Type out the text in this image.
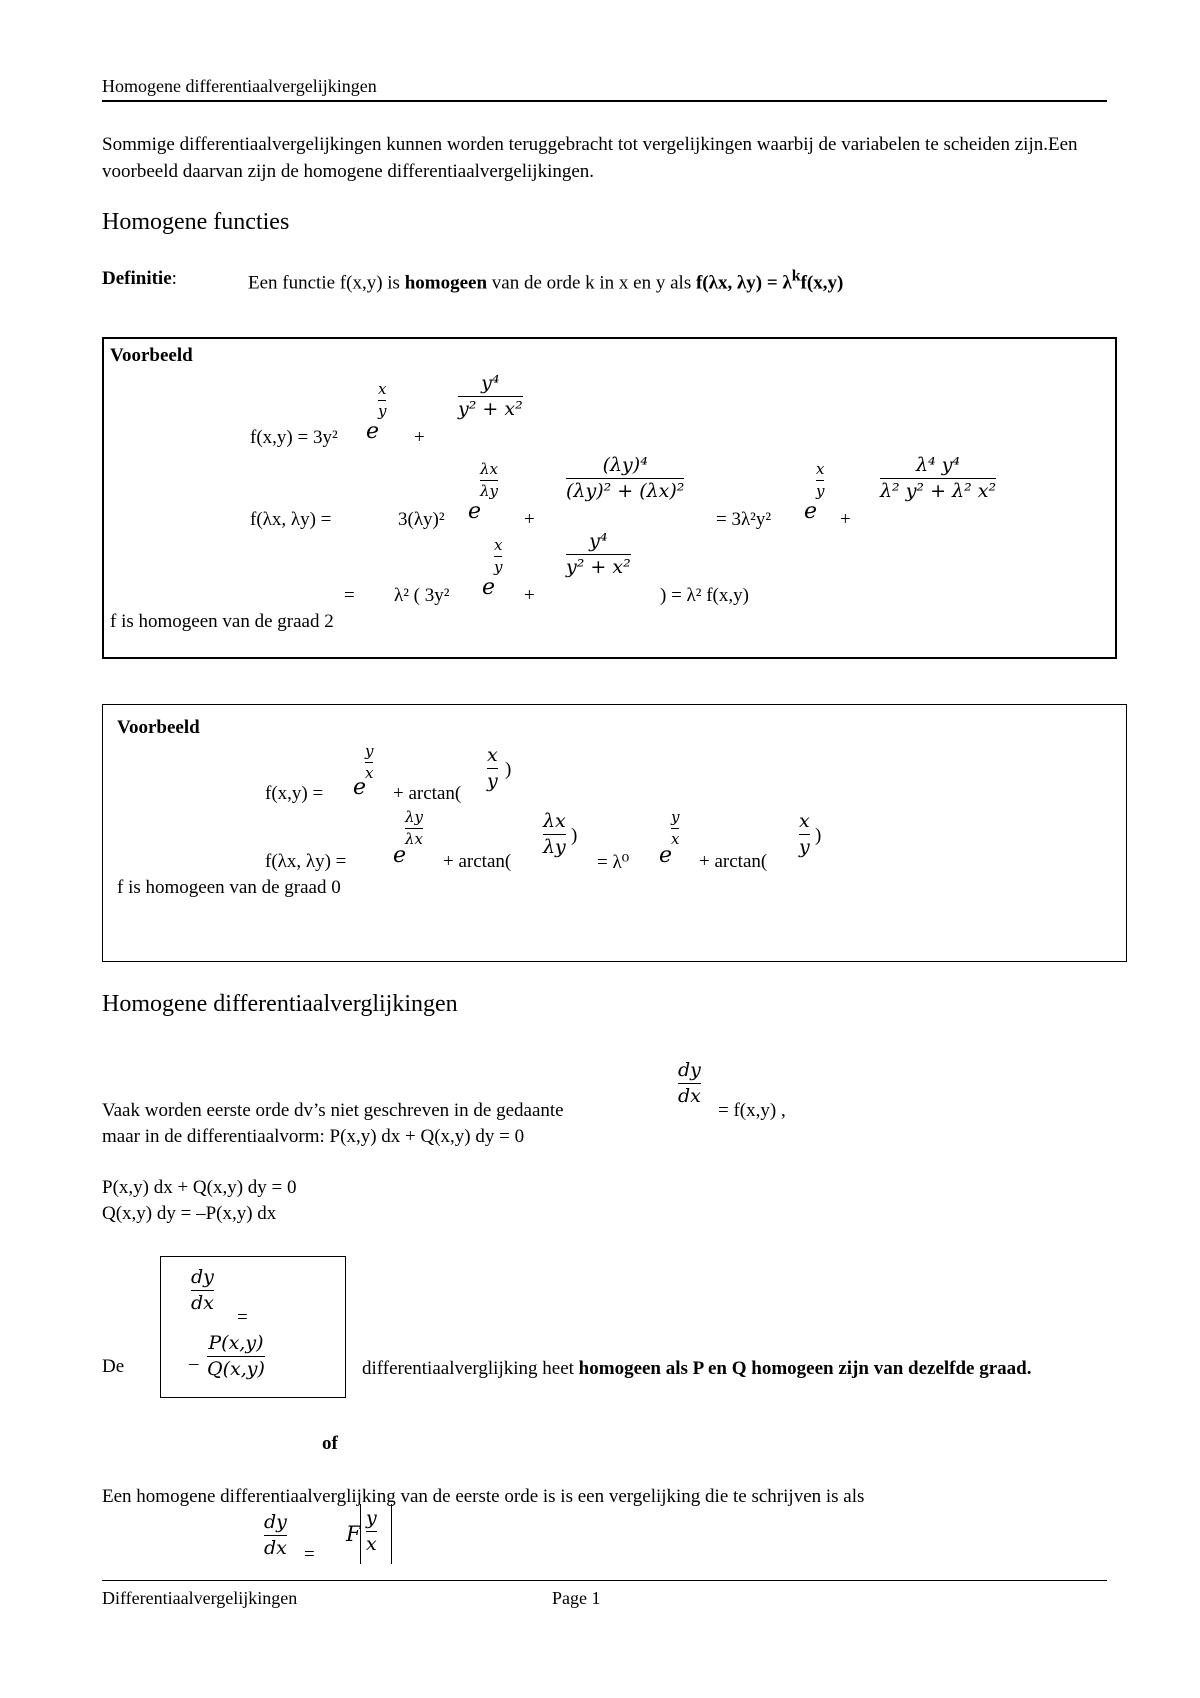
Homogene differentiaalvergelijkingen
Sommige differentiaalvergelijkingen kunnen worden teruggebracht tot vergelijkingen waarbij de variabelen te scheiden zijn.Een voorbeeld daarvan zijn de homogene differentiaalvergelijkingen.
Homogene functies
Definitie:	Een functie f(x,y) is homogeen van de orde k in x en y als f(λx, $\lambda y) = \lambda^kf(x,y)$
Voorbeeld
f(x,y) = 3y² e
x
y
+
y⁴
y² + x²
f(λx, λy) =	3(λy)² e
λx
λy
+
(λy)⁴
(λy)² + (λx)²
= 3λ²y² e
x
y
+
λ⁴ y⁴
λ² y² + λ² x²
= λ² ( 3y² e
x
y
+
y⁴
y² + x²
) = λ² f(x,y)
f is homogeen van de graad 2
Voorbeeld
f(x,y) = e
y
x
+ arctan(
x
y
)
f(λx, λy) = e
λy
λx
+ arctan(
λx
λy
)
= λ⁰ e
y
x
+ arctan(
x
y
)
f is homogeen van de graad 0
Homogene differentiaalverglijkingen
Vaak worden eerste orde dv’s niet geschreven in de gedaante
dy
dx
= f(x,y) ,
maar in de differentiaalvorm: P(x,y) dx + Q(x,y) dy = 0
P(x,y) dx + Q(x,y) dy = 0
Q(x,y) dy = –P(x,y) dx
De
dy
dx
=
–
P(x,y)
Q(x,y)	differentiaalverglijking heet homogeen als P en Q homogeen zijn van dezelfde graad.
of
Een homogene differentiaalverglijking van de eerste orde is is een vergelijking die te schrijven is als
dy
dx =
F
y
x
Differentiaalvergelijkingen	Page 1
